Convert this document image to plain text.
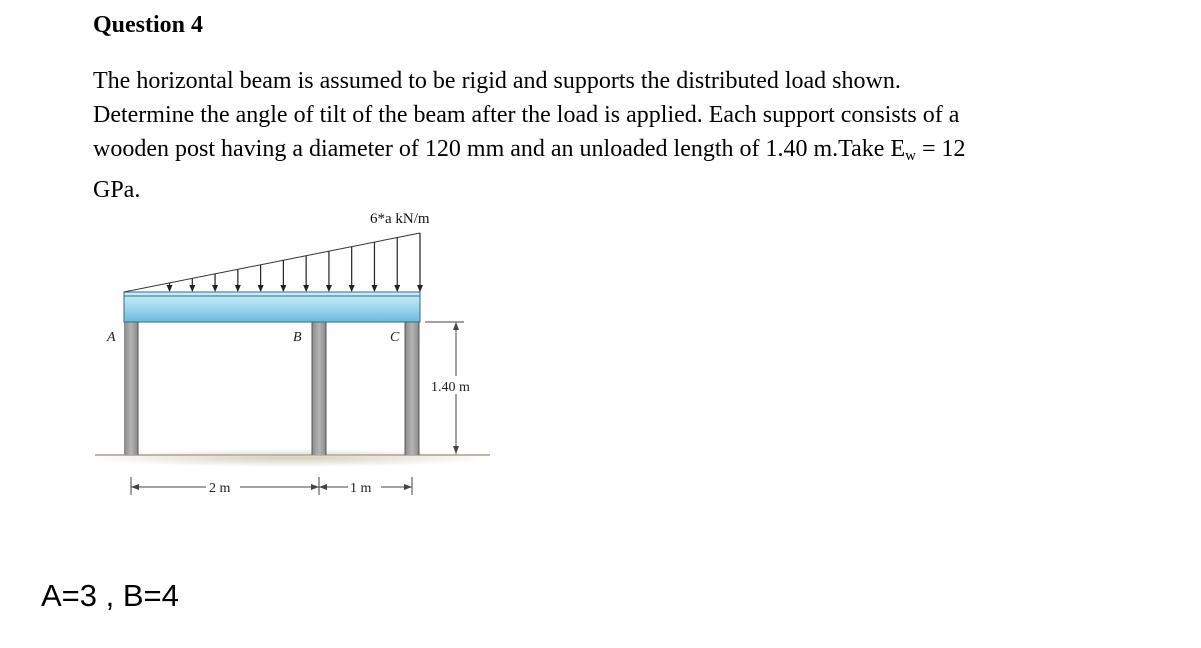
Question 4
The horizontal beam is assumed to be rigid and supports the distributed load shown.
Determine the angle of tilt of the beam after the load is applied. Each support consists of a
wooden post having a diameter of 120 mm and an unloaded length of 1.40 m.Take $E_w = 12$
GPa.
6*a kN/m
A	B	C
1.40 m
2 m	1 m
A=3 , B=4
